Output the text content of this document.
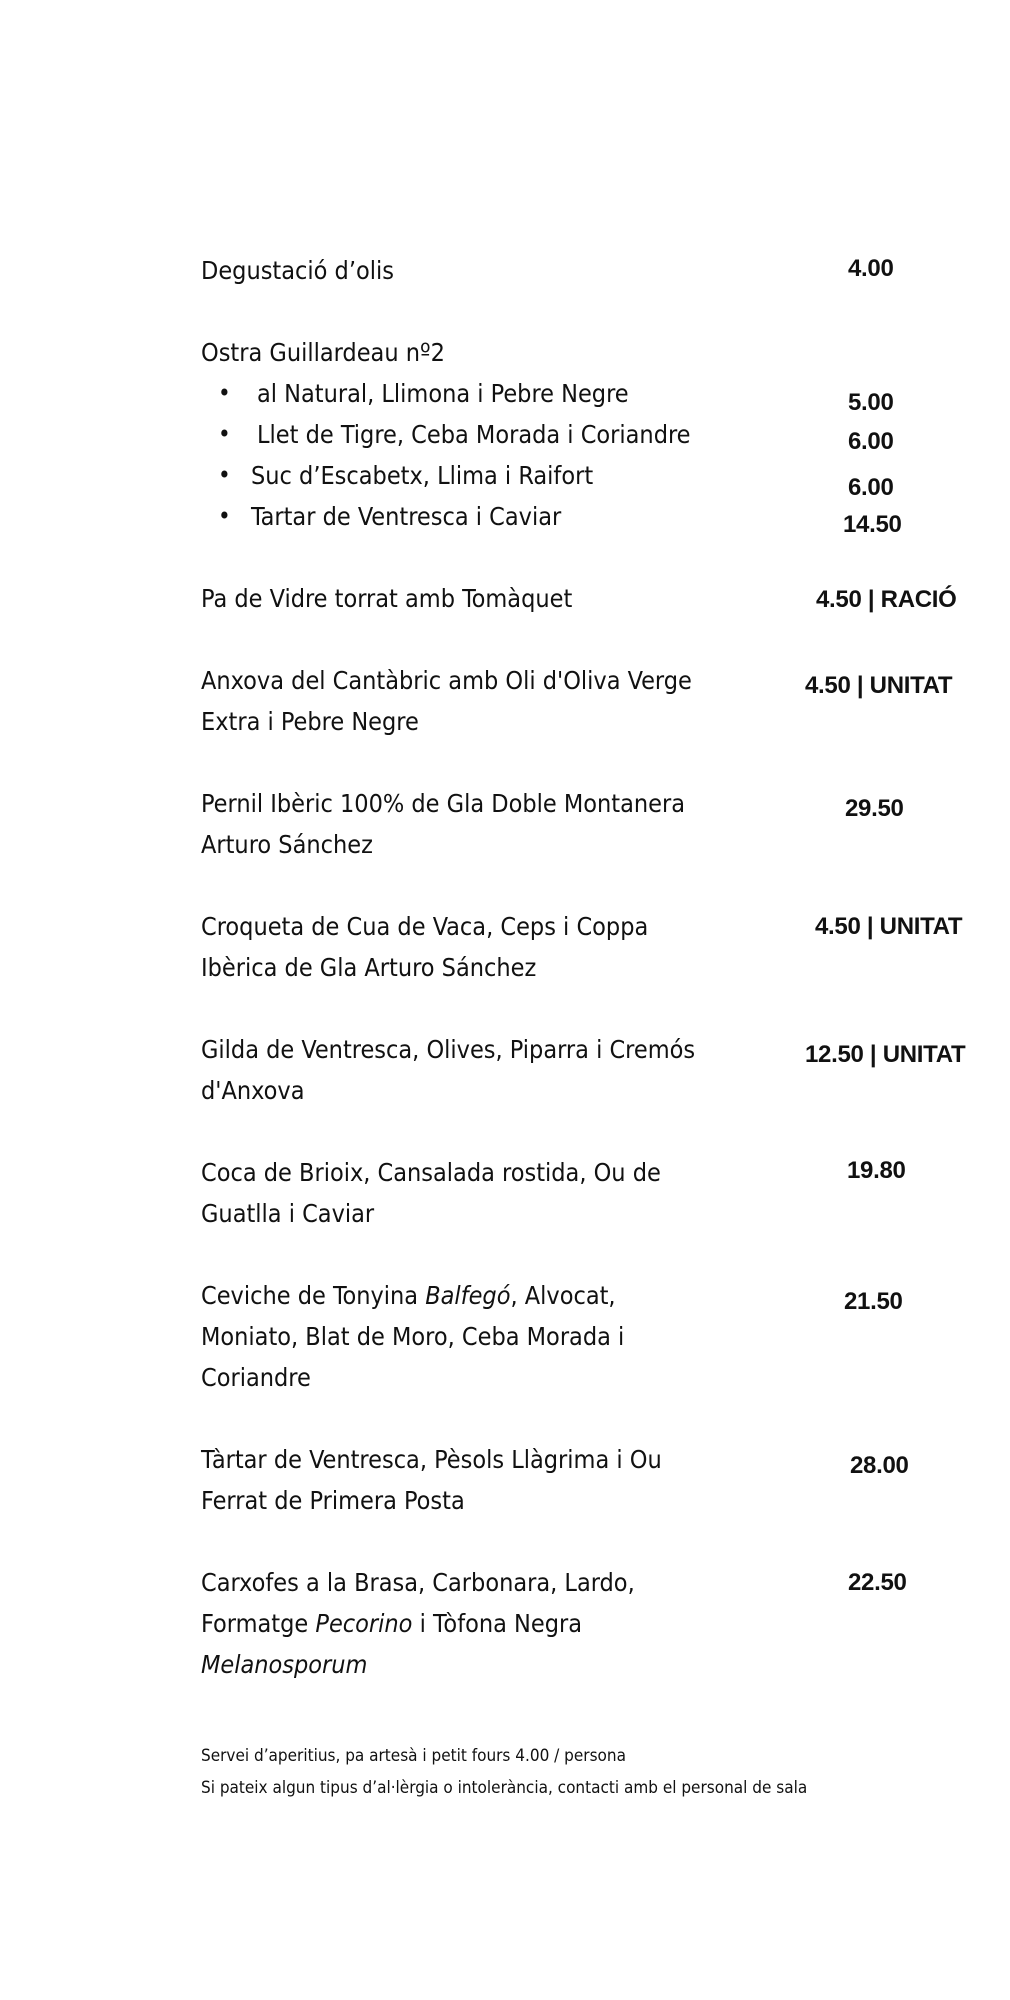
Degustació d’olis	4.00
Ostra Guillardeau nº2
• al Natural, Llimona i Pebre Negre	5.00
• Llet de Tigre, Ceba Morada i Coriandre	6.00
• Suc d’Escabetx, Llima i Raifort	6.00
• Tartar de Ventresca i Caviar	14.50
Pa de Vidre torrat amb Tomàquet	4.50 | RACIÓ
Anxova del Cantàbric amb Oli d'Oliva Verge
Extra i Pebre Negre
4.50 | UNITAT
Pernil Ibèric 100% de Gla Doble Montanera
Arturo Sánchez
29.50
Croqueta de Cua de Vaca, Ceps i Coppa
Ibèrica de Gla Arturo Sánchez
4.50 | UNITAT
Gilda de Ventresca, Olives, Piparra i Cremós
d'Anxova
12.50 | UNITAT
Coca de Brioix, Cansalada rostida, Ou de
Guatlla i Caviar
19.80
Ceviche de Tonyina Balfegó, Alvocat,
Moniato, Blat de Moro, Ceba Morada i
Coriandre
21.50
Tàrtar de Ventresca, Pèsols Llàgrima i Ou
Ferrat de Primera Posta
28.00
Carxofes a la Brasa, Carbonara, Lardo,
Formatge Pecorino i Tòfona Negra
Melanosporum
22.50
Servei d’aperitius, pa artesà i petit fours 4.00 / persona
Si pateix algun tipus d’al·lèrgia o intolerància, contacti amb el personal de sala
